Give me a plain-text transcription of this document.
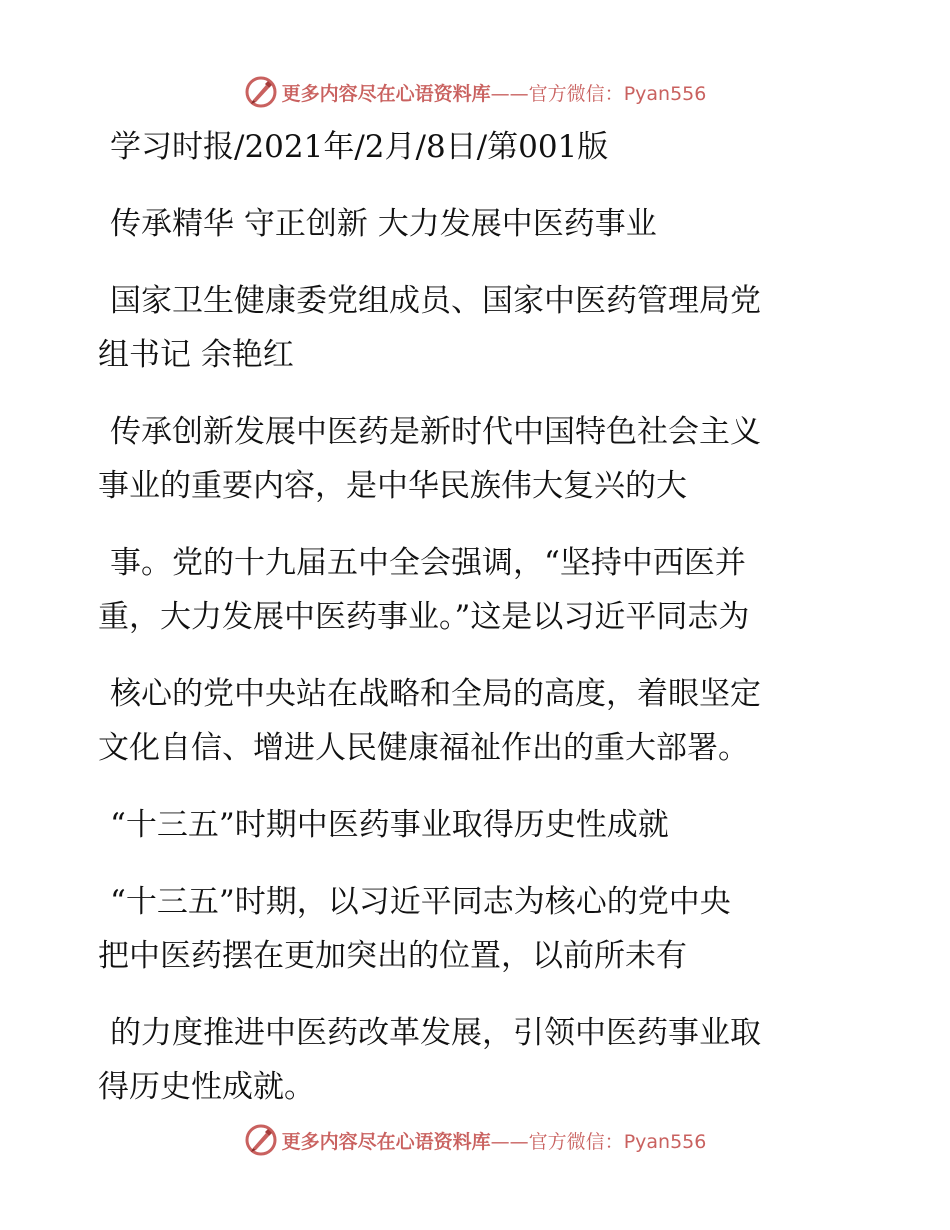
更多内容尽在心语资料库——官方微信：Pyan556
学习时报/2021年/2月/8日/第001版
传承精华 守正创新 大力发展中医药事业
国家卫生健康委党组成员、国家中医药管理局党
组书记 余艳红
传承创新发展中医药是新时代中国特色社会主义
事业的重要内容，是中华民族伟大复兴的大
事。党的十九届五中全会强调，“坚持中西医并
重，大力发展中医药事业。”这是以习近平同志为
核心的党中央站在战略和全局的高度，着眼坚定
文化自信、增进人民健康福祉作出的重大部署。
“十三五”时期中医药事业取得历史性成就
“十三五”时期，以习近平同志为核心的党中央
把中医药摆在更加突出的位置，以前所未有
的力度推进中医药改革发展，引领中医药事业取
得历史性成就。
更多内容尽在心语资料库——官方微信：Pyan556
